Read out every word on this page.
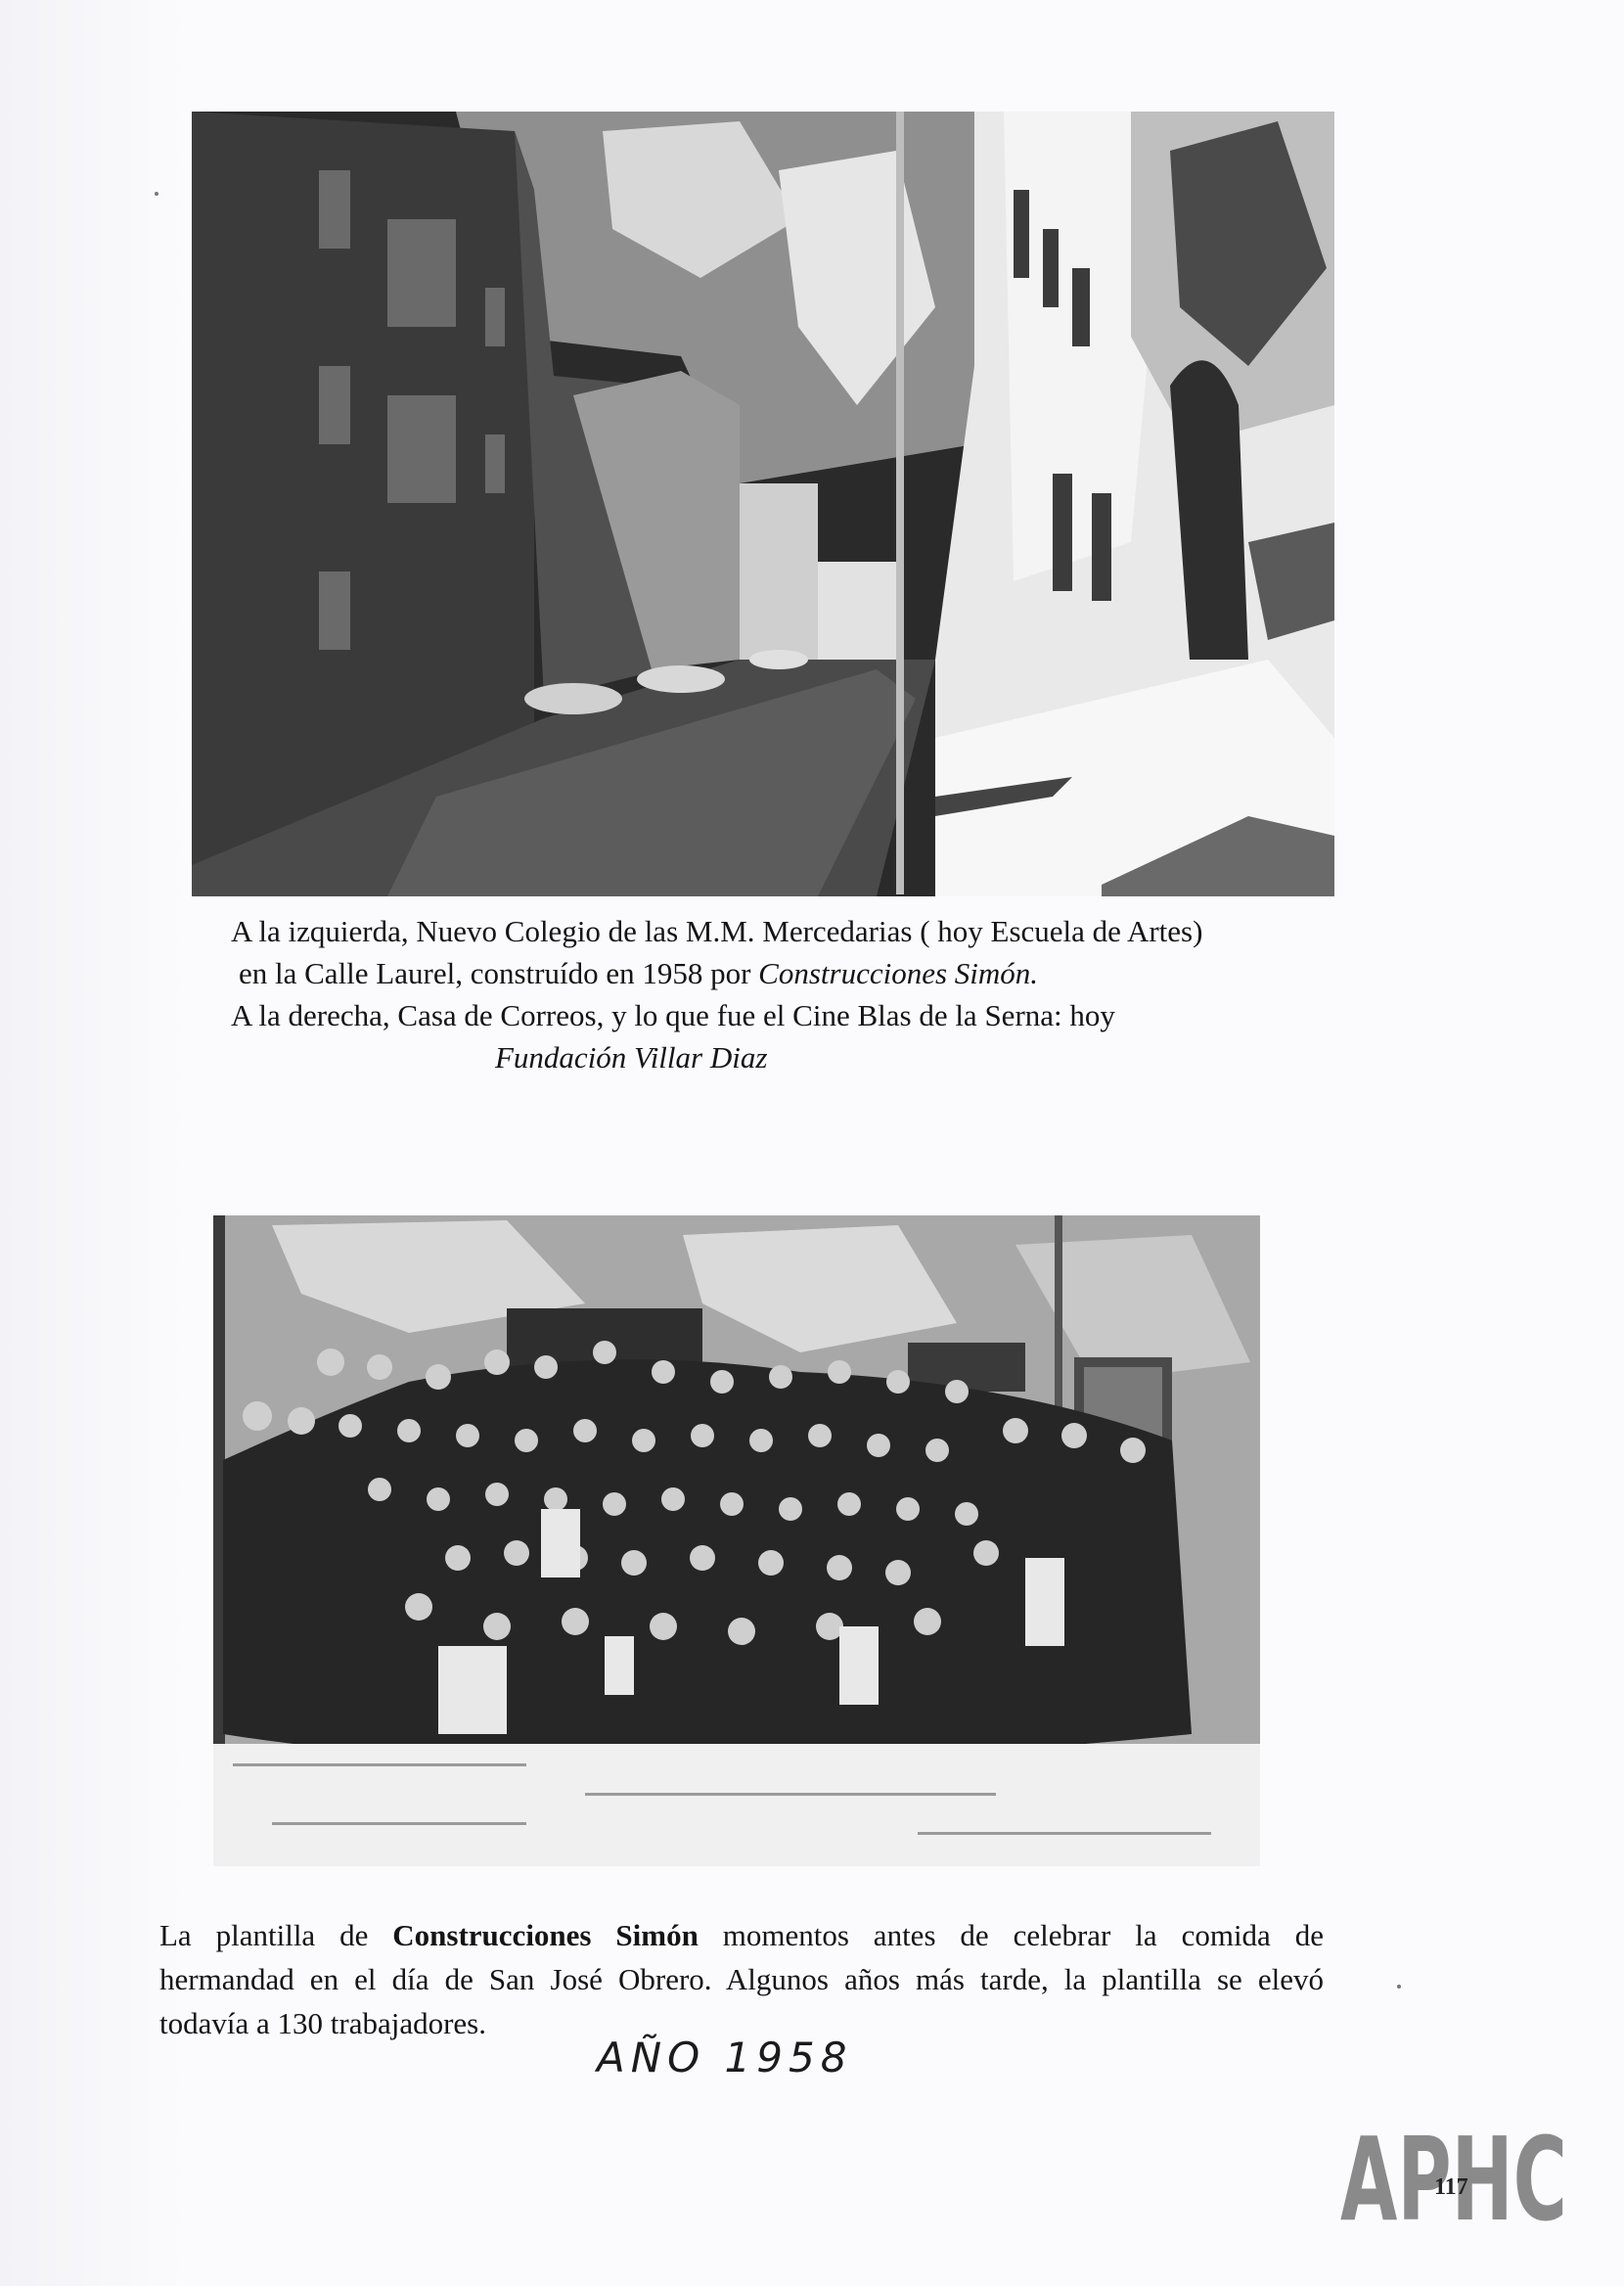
A la izquierda, Nuevo Colegio de las M.M. Mercedarias ( hoy Escuela de Artes)
en la Calle Laurel, construído en 1958 por Construcciones Simón.
A la derecha, Casa de Correos, y lo que fue el Cine Blas de la Serna: hoy
Fundación Villar Diaz
La plantilla de Construcciones Simón momentos antes de celebrar la comida de
hermandad en el día de San José Obrero. Algunos años más tarde, la plantilla se elevó
todavía a 130 trabajadores.
AÑO 1958
APHC
117
